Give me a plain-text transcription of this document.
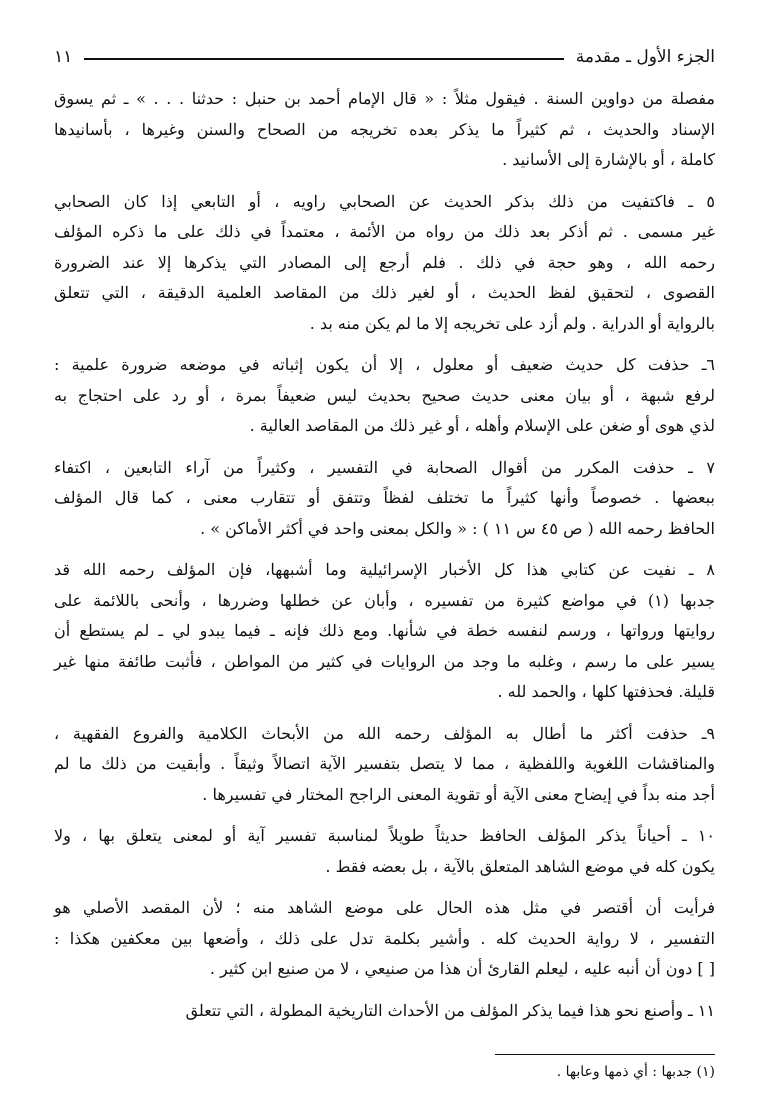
الجزء الأول ـ مقدمة
١١

مفصلة من دواوين السنة . فيقول مثلاً : « قال الإمام أحمد بن حنبل : حدثنا . . . » ـ ثم يسوق
الإسناد والحديث ، ثم كثيراً ما يذكر بعده تخريجه من الصحاح والسنن وغيرها ، بأسانيدها
كاملة ، أو بالإشارة إلى الأسانيد .

٥ ـ فاكتفيت من ذلك بذكر الحديث عن الصحابي راويه ، أو التابعي إذا كان الصحابي
غير مسمى . ثم أذكر بعد ذلك من رواه من الأئمة ، معتمداً في ذلك على ما ذكره المؤلف
رحمه الله ، وهو حجة في ذلك . فلم أرجع إلى المصادر التي يذكرها إلا عند الضرورة
القصوى ، لتحقيق لفظ الحديث ، أو لغير ذلك من المقاصد العلمية الدقيقة ، التي تتعلق
بالرواية أو الدراية . ولم أزد على تخريجه إلا ما لم يكن منه بد .

٦ـ حذفت كل حديث ضعيف أو معلول ، إلا أن يكون إثباته في موضعه ضرورة علمية :
لرفع شبهة ، أو بيان معنى حديث صحيح بحديث ليس ضعيفاً بمرة ، أو رد على احتجاج به
لذي هوى أو ضغن على الإسلام وأهله ، أو غير ذلك من المقاصد العالية .

٧ ـ حذفت المكرر من أقوال الصحابة في التفسير ، وكثيراً من آراء التابعين ، اكتفاء
ببعضها . خصوصاً وأنها كثيراً ما تختلف لفظاً وتتفق أو تتقارب معنى ، كما قال المؤلف
الحافظ رحمه الله ( ص ٤٥ س ١١ ) : « والكل بمعنى واحد في أكثر الأماكن » .

٨ ـ نفيت عن كتابي هذا كل الأخبار الإسرائيلية وما أشبهها، فإن المؤلف رحمه الله قد
جدبها (١) في مواضع كثيرة من تفسيره ، وأبان عن خطلها وضررها ، وأنحى باللائمة على
روايتها ورواتها ، ورسم لنفسه خطة في شأنها. ومع ذلك فإنه ـ فيما يبدو لي ـ لم يستطع أن
يسير على ما رسم ، وغلبه ما وجد من الروايات في كثير من المواطن ، فأثبت طائفة منها غير
قليلة. فحذفتها كلها ، والحمد لله .

٩ـ حذفت أكثر ما أطال به المؤلف رحمه الله من الأبحاث الكلامية والفروع الفقهية ،
والمناقشات اللغوية واللفظية ، مما لا يتصل بتفسير الآية اتصالاً وثيقاً . وأبقيت من ذلك ما لم
أجد منه بداً في إيضاح معنى الآية أو تقوية المعنى الراجح المختار في تفسيرها .

١٠ ـ أحياناً يذكر المؤلف الحافظ حديثاً طويلاً لمناسبة تفسير آية أو لمعنى يتعلق بها ، ولا
يكون كله في موضع الشاهد المتعلق بالآية ، بل بعضه فقط .

فرأيت أن أقتصر في مثل هذه الحال على موضع الشاهد منه ؛ لأن المقصد الأصلي هو
التفسير ، لا رواية الحديث كله . وأشير بكلمة تدل على ذلك ، وأضعها بين معكفين هكذا :
[ ] دون أن أنبه عليه ، ليعلم القارئ أن هذا من صنيعي ، لا من صنيع ابن كثير .

١١ ـ وأصنع نحو هذا فيما يذكر المؤلف من الأحداث التاريخية المطولة ، التي تتعلق

(١) جدبها : أي ذمها وعابها .
